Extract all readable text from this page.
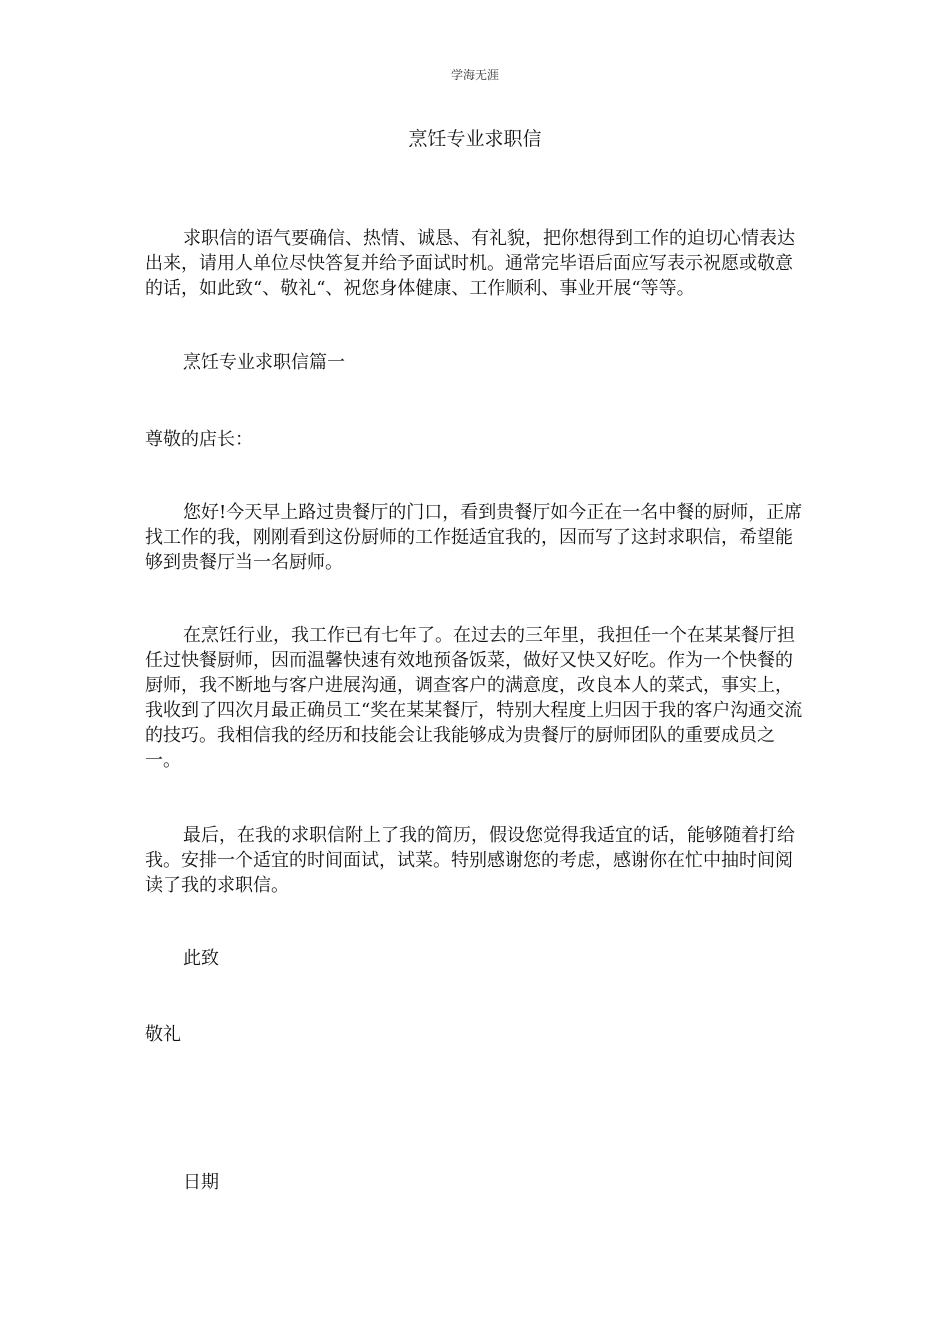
学海无涯
烹饪专业求职信

求职信的语气要确信、热情、诚恳、有礼貌，把你想得到工作的迫切心情表达出来，请用人单位尽快答复并给予面试时机。通常完毕语后面应写表示祝愿或敬意的话，如此致“、敬礼“、祝您身体健康、工作顺利、事业开展“等等。

烹饪专业求职信篇一

尊敬的店长：

您好!今天早上路过贵餐厅的门口，看到贵餐厅如今正在一名中餐的厨师，正席找工作的我，刚刚看到这份厨师的工作挺适宜我的，因而写了这封求职信，希望能够到贵餐厅当一名厨师。

在烹饪行业，我工作已有七年了。在过去的三年里，我担任一个在某某餐厅担任过快餐厨师，因而温馨快速有效地预备饭菜，做好又快又好吃。作为一个快餐的厨师，我不断地与客户进展沟通，调查客户的满意度，改良本人的菜式，事实上，我收到了四次月最正确员工“奖在某某餐厅，特别大程度上归因于我的客户沟通交流的技巧。我相信我的经历和技能会让我能够成为贵餐厅的厨师团队的重要成员之一。

最后，在我的求职信附上了我的简历，假设您觉得我适宜的话，能够随着打给我。安排一个适宜的时间面试，试菜。特别感谢您的考虑，感谢你在忙中抽时间阅读了我的求职信。

此致

敬礼

日期
